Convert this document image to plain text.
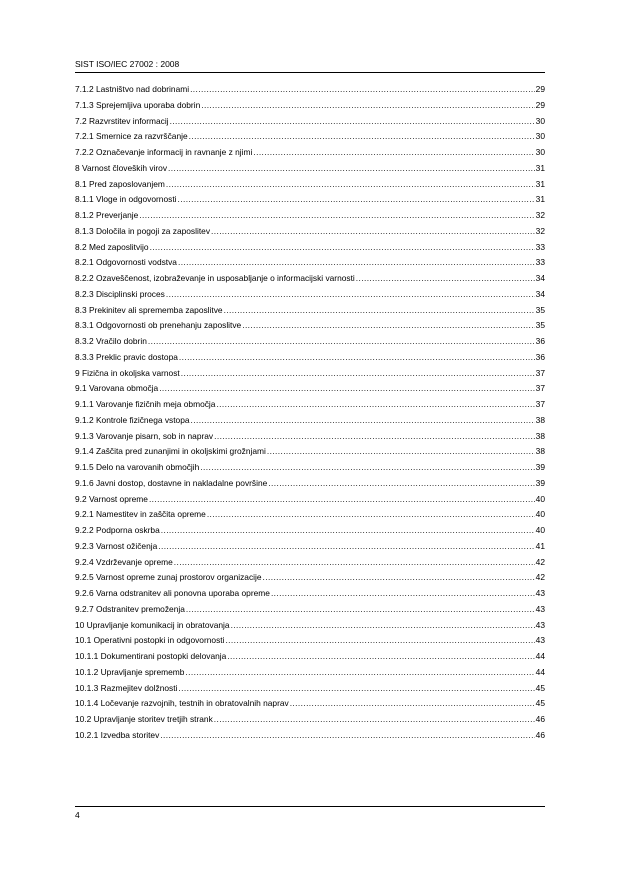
SIST ISO/IEC 27002 : 2008
7.1.2 Lastništvo nad dobrinami .....	29
7.1.3 Sprejemljiva uporaba dobrin .....	29
7.2 Razvrstitev informacij .....	30
7.2.1 Smernice za razvrščanje .....	30
7.2.2 Označevanje informacij in ravnanje z njimi .....	30
8 Varnost človeških virov .....	31
8.1 Pred zaposlovanjem .....	31
8.1.1 Vloge in odgovornosti .....	31
8.1.2 Preverjanje .....	32
8.1.3 Določila in pogoji za zaposlitev .....	32
8.2 Med zaposlitvijo .....	33
8.2.1 Odgovornosti vodstva .....	33
8.2.2 Ozaveščenost, izobraževanje in usposabljanje o informacijski varnosti .....	34
8.2.3 Disciplinski proces .....	34
8.3 Prekinitev ali sprememba zaposlitve .....	35
8.3.1 Odgovornosti ob prenehanju zaposlitve .....	35
8.3.2 Vračilo dobrin .....	36
8.3.3 Preklic pravic dostopa .....	36
9 Fizična in okoljska varnost .....	37
9.1 Varovana območja .....	37
9.1.1 Varovanje fizičnih meja območja .....	37
9.1.2 Kontrole fizičnega vstopa .....	38
9.1.3 Varovanje pisarn, sob in naprav .....	38
9.1.4 Zaščita pred zunanjimi in okoljskimi grožnjami .....	38
9.1.5 Delo na varovanih območjih .....	39
9.1.6 Javni dostop, dostavne in nakladalne površine .....	39
9.2 Varnost opreme .....	40
9.2.1 Namestitev in zaščita opreme .....	40
9.2.2 Podporna oskrba .....	40
9.2.3 Varnost ožičenja .....	41
9.2.4 Vzdrževanje opreme .....	42
9.2.5 Varnost opreme zunaj prostorov organizacije .....	42
9.2.6 Varna odstranitev ali ponovna uporaba opreme .....	43
9.2.7 Odstranitev premoženja .....	43
10 Upravljanje komunikacij in obratovanja .....	43
10.1 Operativni postopki in odgovornosti .....	43
10.1.1 Dokumentirani postopki delovanja .....	44
10.1.2 Upravljanje sprememb .....	44
10.1.3 Razmejitev dolžnosti .....	45
10.1.4 Ločevanje razvojnih, testnih in obratovalnih naprav .....	45
10.2 Upravljanje storitev tretjih strank .....	46
10.2.1 Izvedba storitev .....	46
4
